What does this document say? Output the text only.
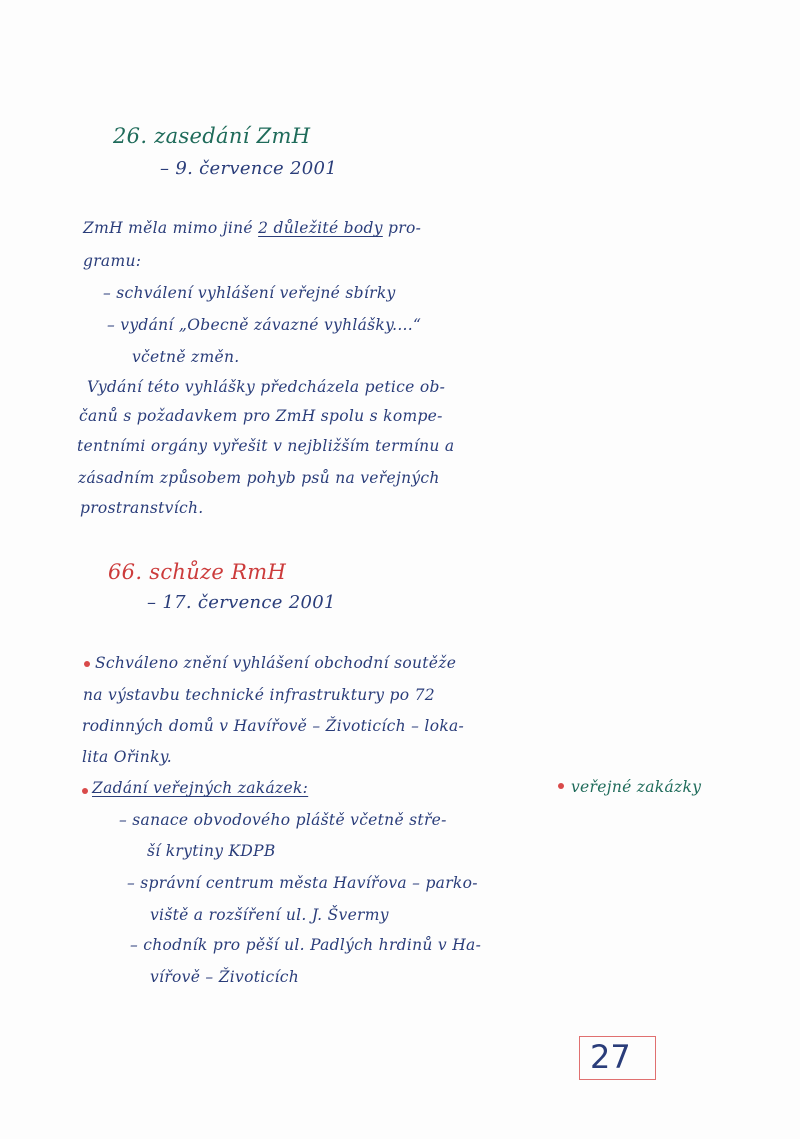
26. zasedání ZmH
– 9. července 2001
ZmH měla mimo jiné 2 důležité body pro-
gramu:
– schválení vyhlášení veřejné sbírky
– vydání „Obecně závazné vyhlášky....“
včetně změn.
Vydání této vyhlášky předcházela petice ob-
čanů s požadavkem pro ZmH spolu s kompe-
tentními orgány vyřešit v nejbližším termínu a
zásadním způsobem pohyb psů na veřejných
prostranstvích.
66. schůze RmH
– 17. července 2001
Schváleno znění vyhlášení obchodní soutěže
na výstavbu technické infrastruktury po 72
rodinných domů v Havířově – Životicích – loka-
lita Ořinky.
Zadání veřejných zakázek:	veřejné zakázky
– sanace obvodového pláště včetně stře-
ší krytiny KDPB
– správní centrum města Havířova – parko-
viště a rozšíření ul. J. Švermy
– chodník pro pěší ul. Padlých hrdinů v Ha-
vířově – Životicích
27
